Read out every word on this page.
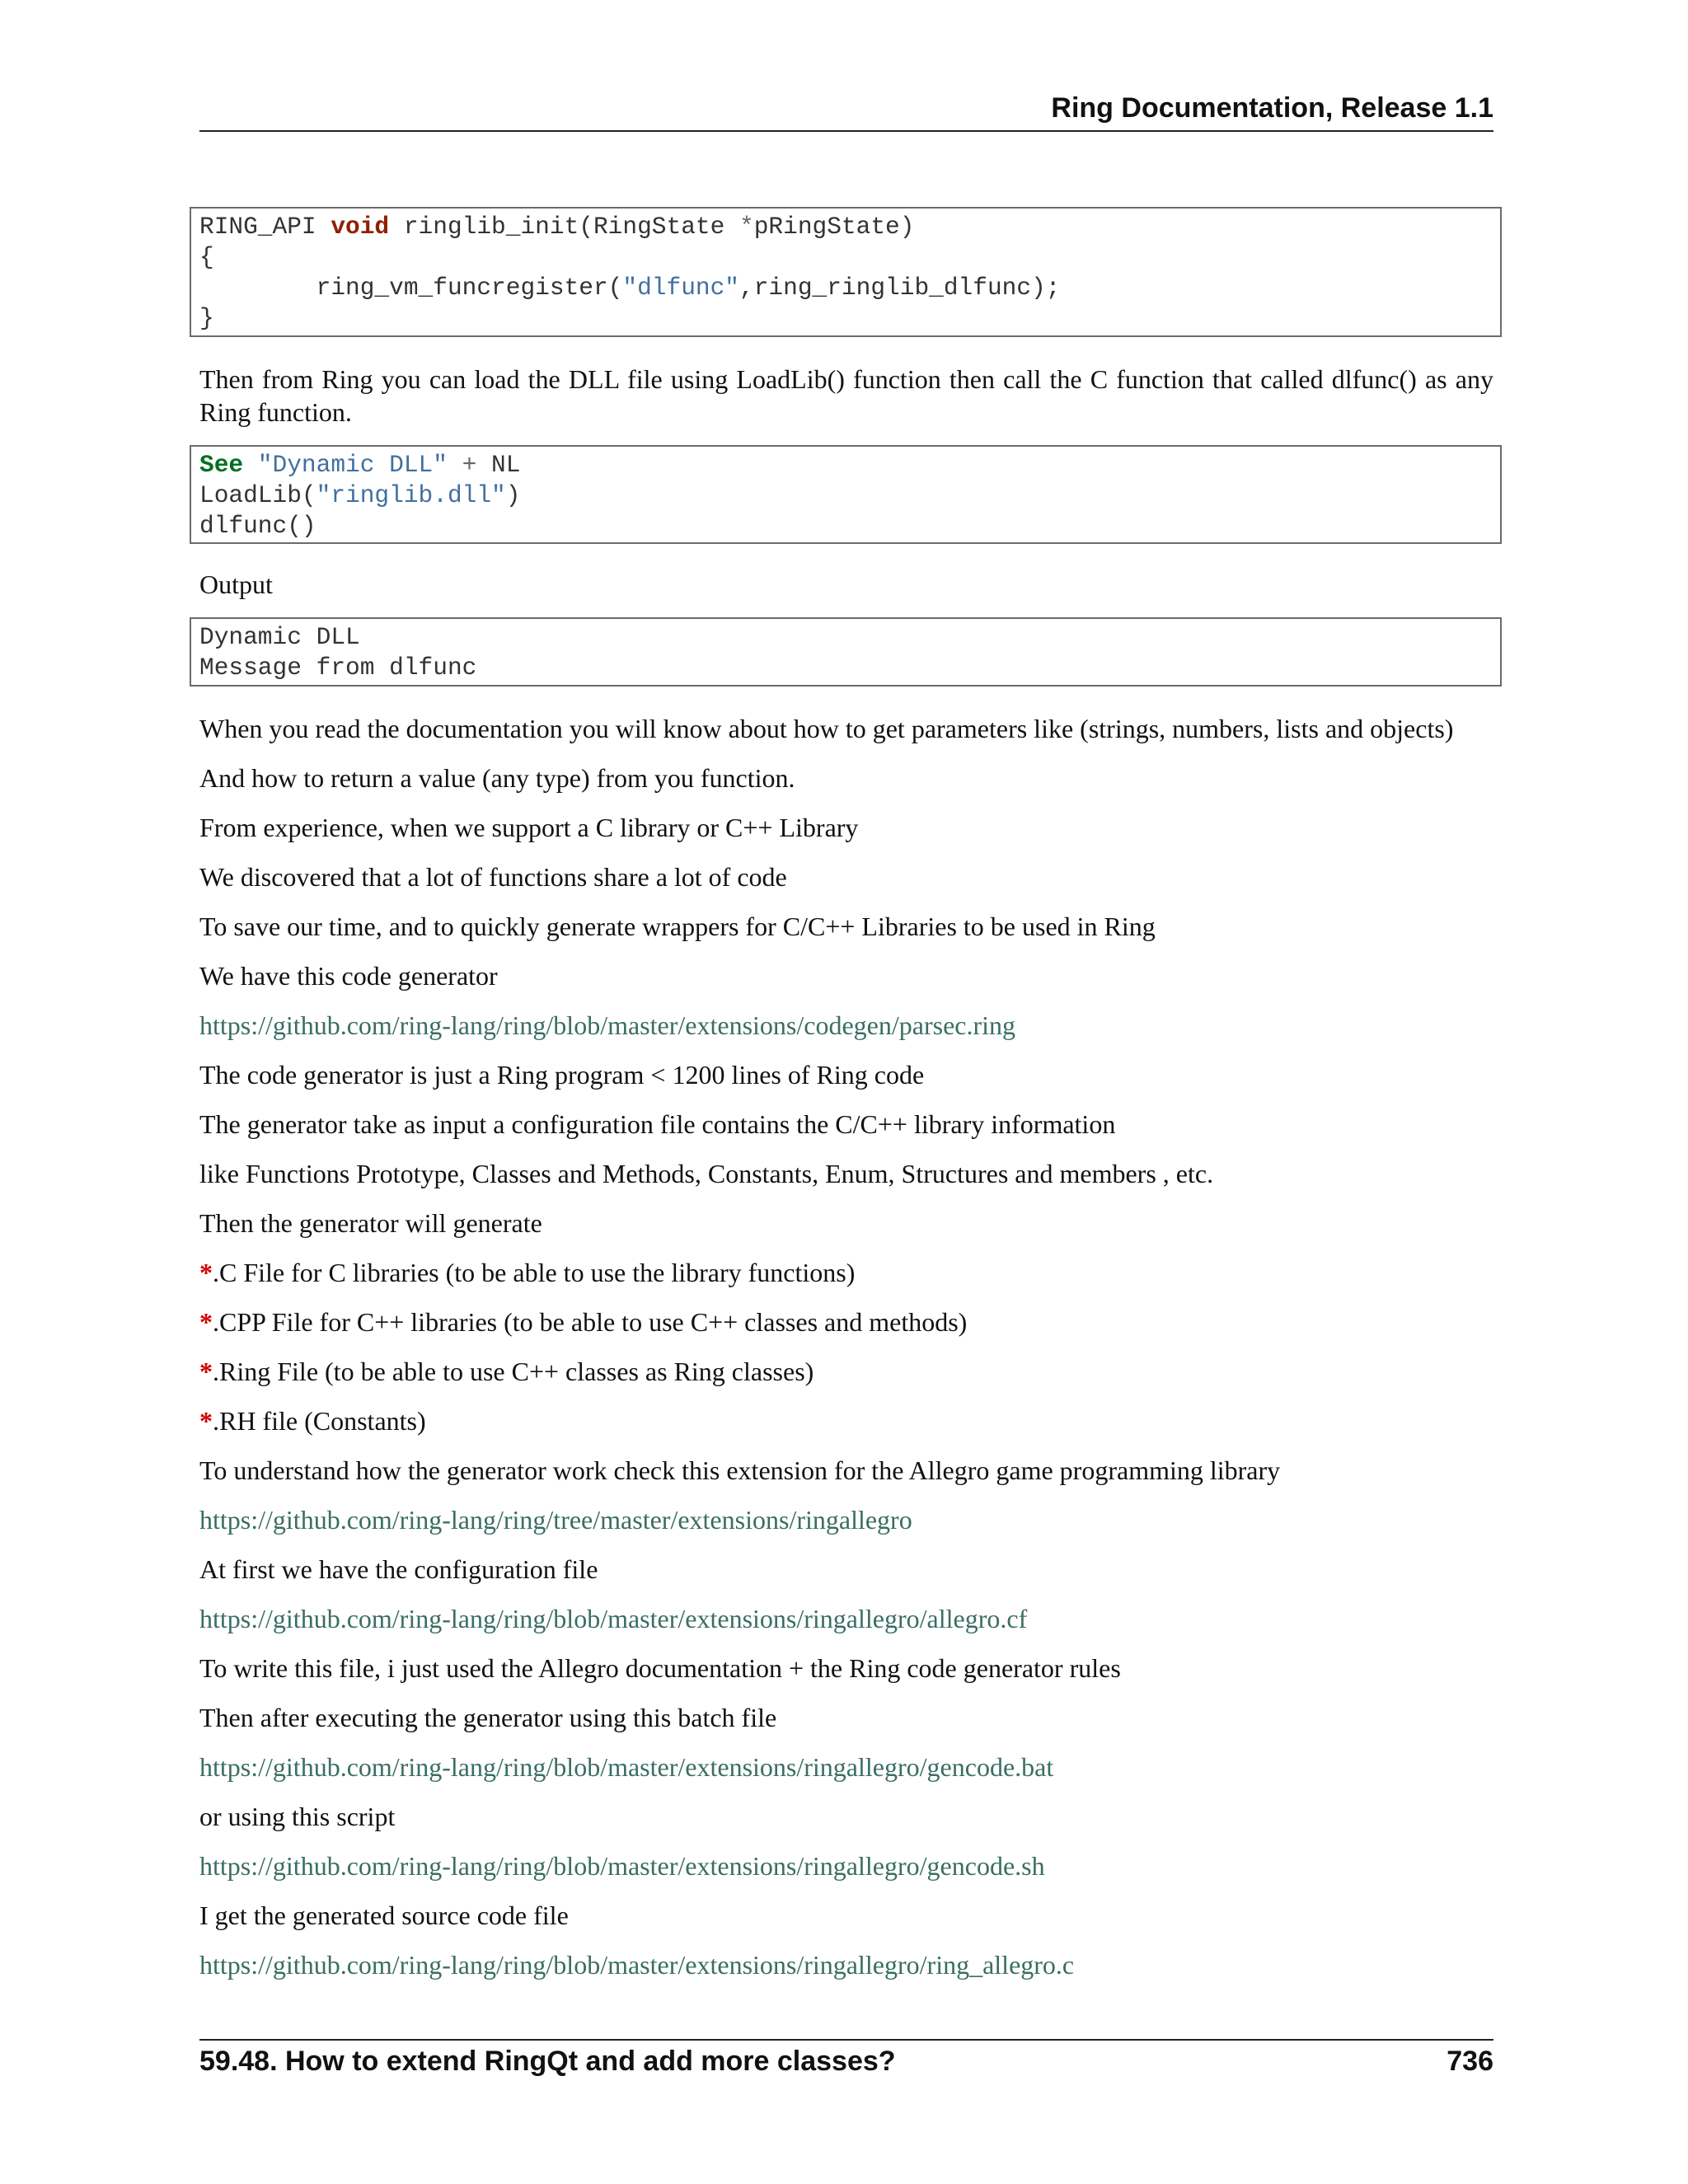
Ring Documentation, Release 1.1
RING_API void ringlib_init(RingState *pRingState)
{
ring_vm_funcregister("dlfunc",ring_ringlib_dlfunc);
}

Then from Ring you can load the DLL file using LoadLib() function then call the C function that called dlfunc() as any Ring function.

See "Dynamic DLL" + NL
LoadLib("ringlib.dll")
dlfunc()

Output

Dynamic DLL
Message from dlfunc

When you read the documentation you will know about how to get parameters like (strings, numbers, lists and objects)

And how to return a value (any type) from you function.

From experience, when we support a C library or C++ Library

We discovered that a lot of functions share a lot of code

To save our time, and to quickly generate wrappers for C/C++ Libraries to be used in Ring

We have this code generator

https://github.com/ring-lang/ring/blob/master/extensions/codegen/parsec.ring

The code generator is just a Ring program < 1200 lines of Ring code

The generator take as input a configuration file contains the C/C++ library information

like Functions Prototype, Classes and Methods, Constants, Enum, Structures and members , etc.

Then the generator will generate

*.C File for C libraries (to be able to use the library functions)

*.CPP File for C++ libraries (to be able to use C++ classes and methods)

*.Ring File (to be able to use C++ classes as Ring classes)

*.RH file (Constants)

To understand how the generator work check this extension for the Allegro game programming library

https://github.com/ring-lang/ring/tree/master/extensions/ringallegro

At first we have the configuration file

https://github.com/ring-lang/ring/blob/master/extensions/ringallegro/allegro.cf

To write this file, i just used the Allegro documentation + the Ring code generator rules

Then after executing the generator using this batch file

https://github.com/ring-lang/ring/blob/master/extensions/ringallegro/gencode.bat

or using this script

https://github.com/ring-lang/ring/blob/master/extensions/ringallegro/gencode.sh

I get the generated source code file

https://github.com/ring-lang/ring/blob/master/extensions/ringallegro/ring_allegro.c

59.48. How to extend RingQt and add more classes?	736
